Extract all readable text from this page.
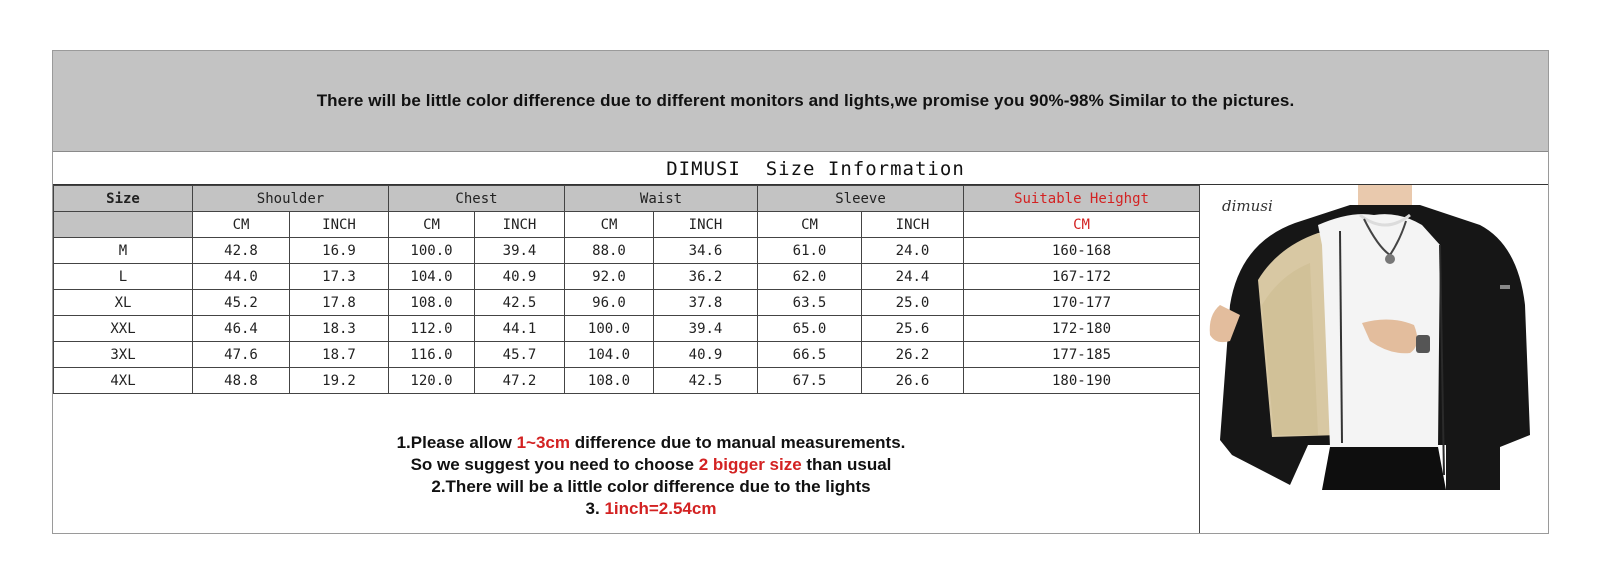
There will be little color difference due to different monitors and lights,we promise you 90%-98% Similar to the pictures.
DIMUSI  Size Information
Size	Shoulder		Chest		Waist		Sleeve		Suitable Heighgt
	CM	INCH	CM	INCH	CM	INCH	CM	INCH	CM
M	42.8	16.9	100.0	39.4	88.0	34.6	61.0	24.0	160-168
L	44.0	17.3	104.0	40.9	92.0	36.2	62.0	24.4	167-172
XL	45.2	17.8	108.0	42.5	96.0	37.8	63.5	25.0	170-177
XXL	46.4	18.3	112.0	44.1	100.0	39.4	65.0	25.6	172-180
3XL	47.6	18.7	116.0	45.7	104.0	40.9	66.5	26.2	177-185
4XL	48.8	19.2	120.0	47.2	108.0	42.5	67.5	26.6	180-190
dimusi
1.Please allow 1~3cm difference due to manual measurements.
So we suggest you need to choose 2 bigger size than usual
2.There will be a little color difference due to the lights
3. 1inch=2.54cm
